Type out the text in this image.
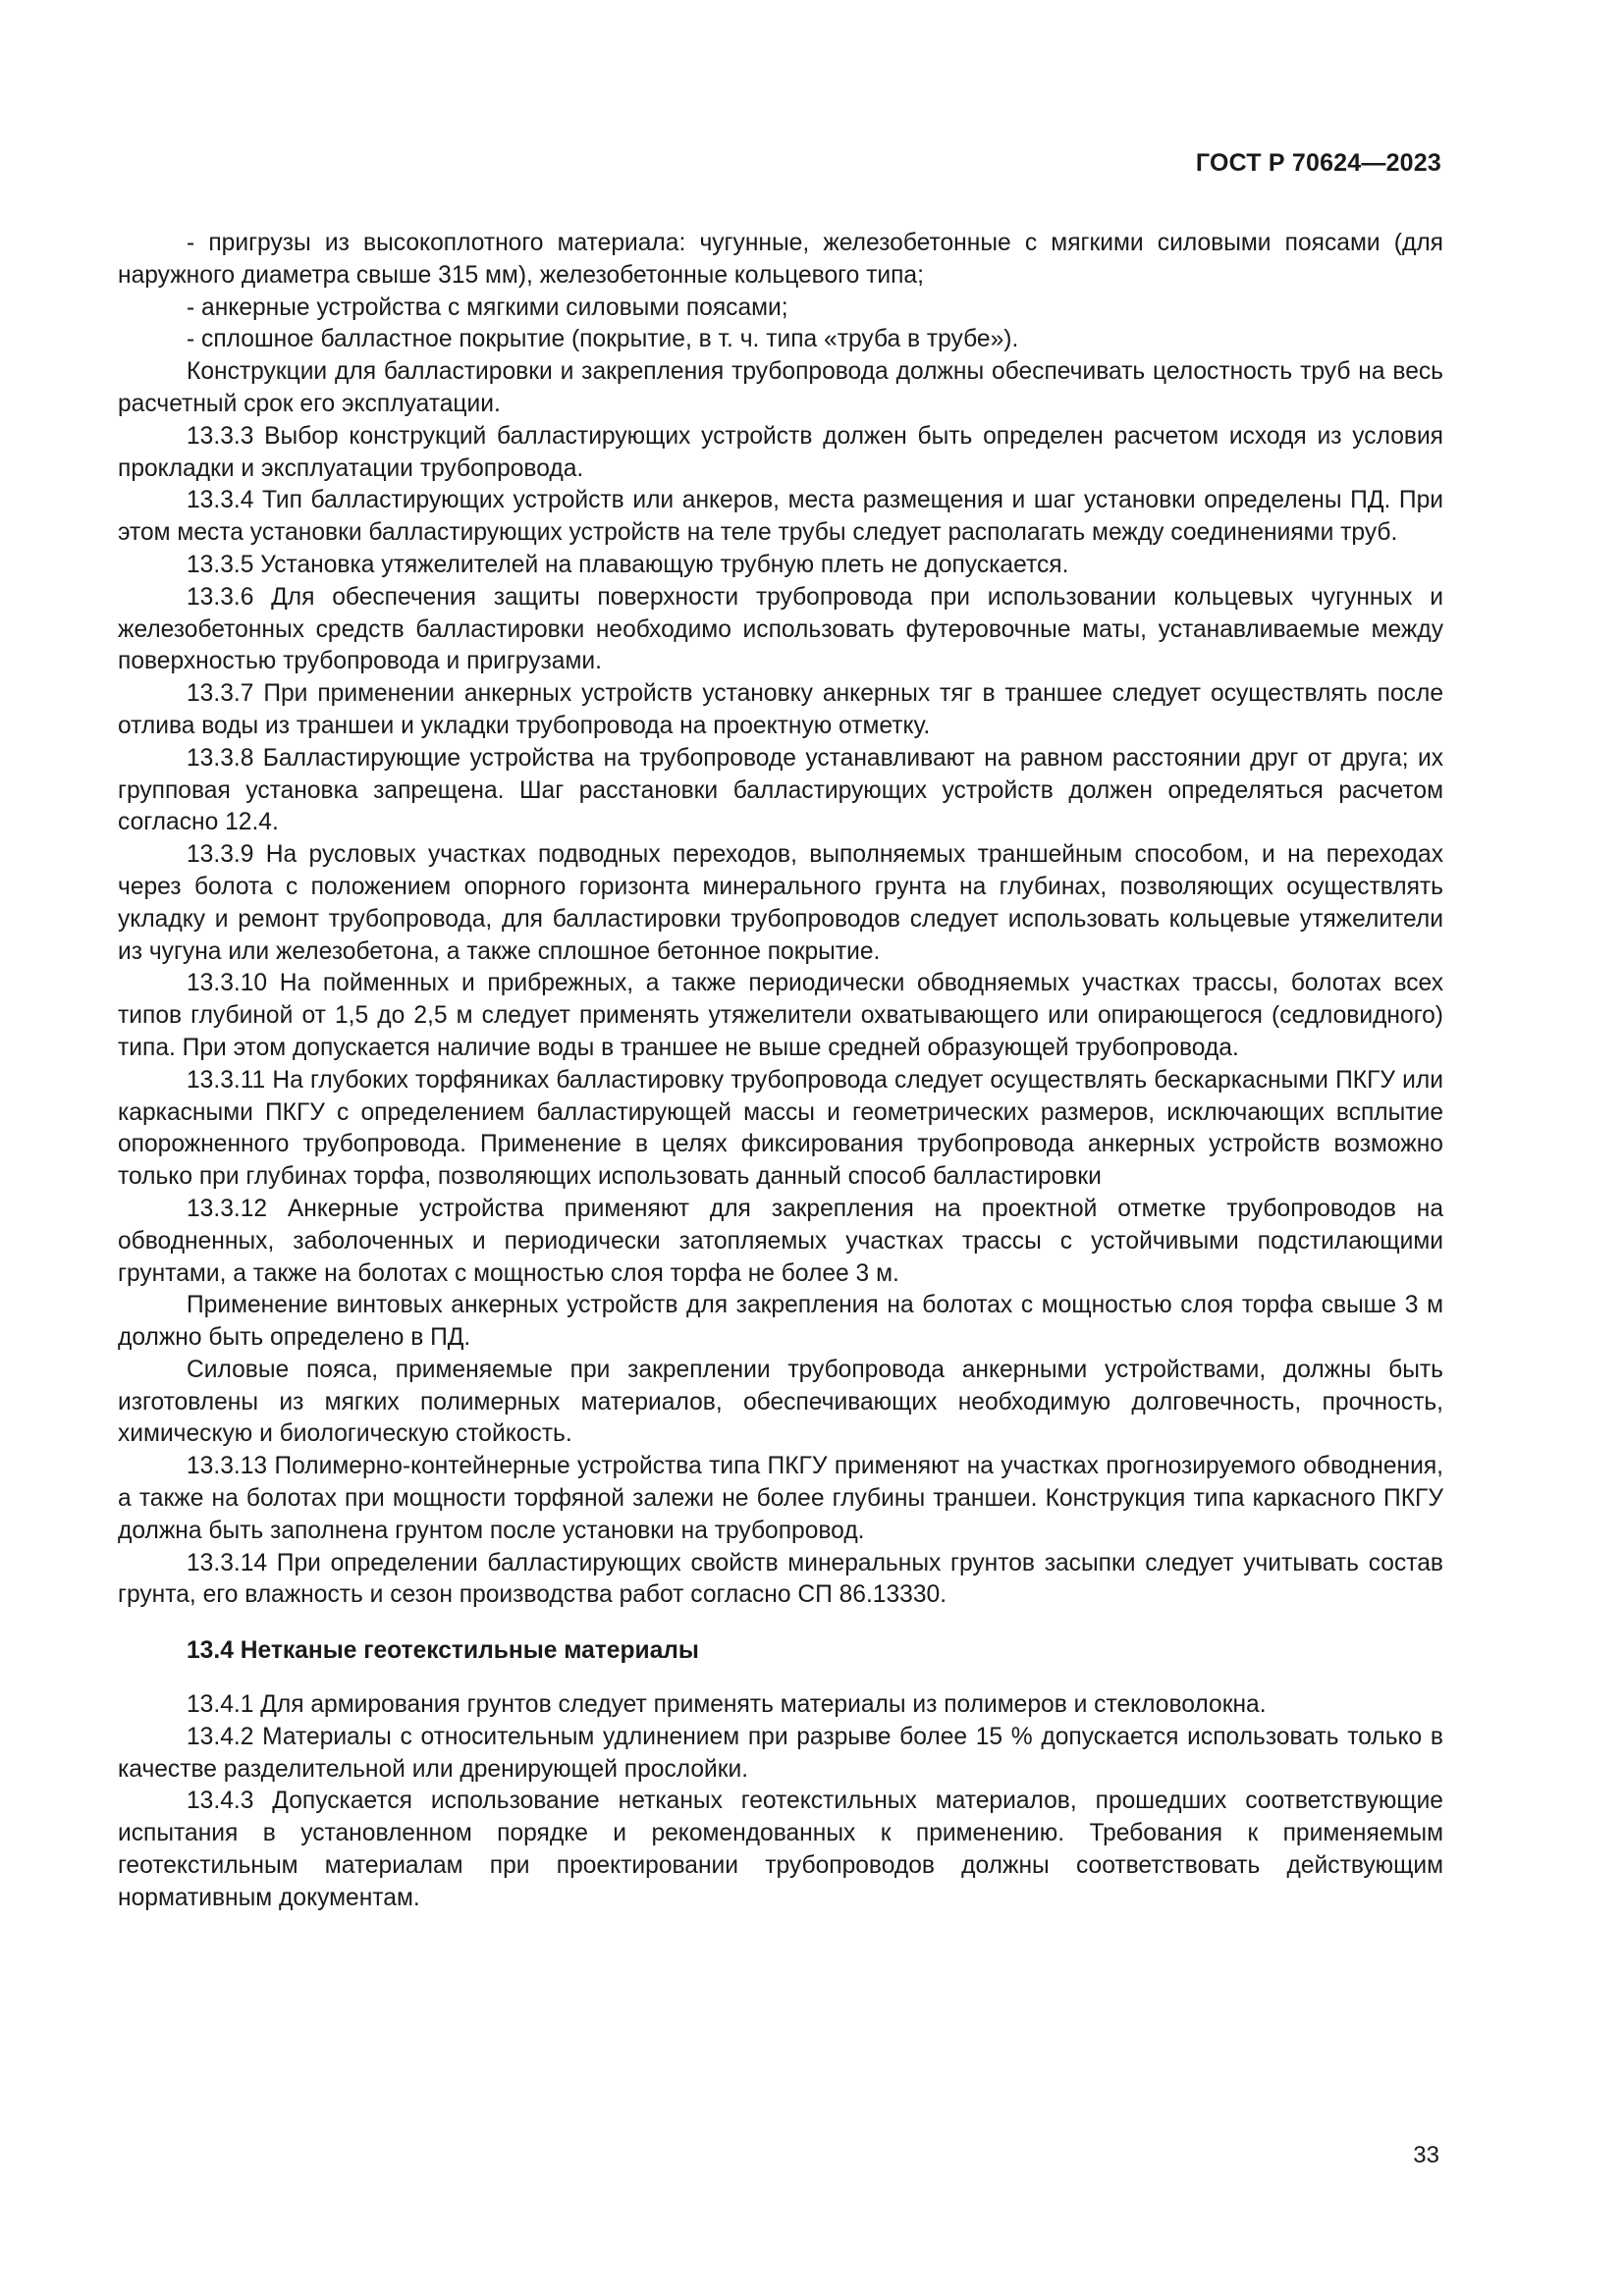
ГОСТ Р 70624—2023

- пригрузы из высокоплотного материала: чугунные, железобетонные с мягкими силовыми поясами (для наружного диаметра свыше 315 мм), железобетонные кольцевого типа;

- анкерные устройства с мягкими силовыми поясами;

- сплошное балластное покрытие (покрытие, в т. ч. типа «труба в трубе»).

Конструкции для балластировки и закрепления трубопровода должны обеспечивать целостность труб на весь расчетный срок его эксплуатации.

13.3.3 Выбор конструкций балластирующих устройств должен быть определен расчетом исходя из условия прокладки и эксплуатации трубопровода.

13.3.4 Тип балластирующих устройств или анкеров, места размещения и шаг установки определены ПД. При этом места установки балластирующих устройств на теле трубы следует располагать между соединениями труб.

13.3.5 Установка утяжелителей на плавающую трубную плеть не допускается.

13.3.6 Для обеспечения защиты поверхности трубопровода при использовании кольцевых чугунных и железобетонных средств балластировки необходимо использовать футеровочные маты, устанавливаемые между поверхностью трубопровода и пригрузами.

13.3.7 При применении анкерных устройств установку анкерных тяг в траншее следует осуществлять после отлива воды из траншеи и укладки трубопровода на проектную отметку.

13.3.8 Балластирующие устройства на трубопроводе устанавливают на равном расстоянии друг от друга; их групповая установка запрещена. Шаг расстановки балластирующих устройств должен определяться расчетом согласно 12.4.

13.3.9 На русловых участках подводных переходов, выполняемых траншейным способом, и на переходах через болота с положением опорного горизонта минерального грунта на глубинах, позволяющих осуществлять укладку и ремонт трубопровода, для балластировки трубопроводов следует использовать кольцевые утяжелители из чугуна или железобетона, а также сплошное бетонное покрытие.

13.3.10 На пойменных и прибрежных, а также периодически обводняемых участках трассы, болотах всех типов глубиной от 1,5 до 2,5 м следует применять утяжелители охватывающего или опирающегося (седловидного) типа. При этом допускается наличие воды в траншее не выше средней образующей трубопровода.

13.3.11 На глубоких торфяниках балластировку трубопровода следует осуществлять бескаркасными ПКГУ или каркасными ПКГУ с определением балластирующей массы и геометрических размеров, исключающих всплытие опорожненного трубопровода. Применение в целях фиксирования трубопровода анкерных устройств возможно только при глубинах торфа, позволяющих использовать данный способ балластировки

13.3.12 Анкерные устройства применяют для закрепления на проектной отметке трубопроводов на обводненных, заболоченных и периодически затопляемых участках трассы с устойчивыми подстилающими грунтами, а также на болотах с мощностью слоя торфа не более 3 м.

Применение винтовых анкерных устройств для закрепления на болотах с мощностью слоя торфа свыше 3 м должно быть определено в ПД.

Силовые пояса, применяемые при закреплении трубопровода анкерными устройствами, должны быть изготовлены из мягких полимерных материалов, обеспечивающих необходимую долговечность, прочность, химическую и биологическую стойкость.

13.3.13 Полимерно-контейнерные устройства типа ПКГУ применяют на участках прогнозируемого обводнения, а также на болотах при мощности торфяной залежи не более глубины траншеи. Конструкция типа каркасного ПКГУ должна быть заполнена грунтом после установки на трубопровод.

13.3.14 При определении балластирующих свойств минеральных грунтов засыпки следует учитывать состав грунта, его влажность и сезон производства работ согласно СП 86.13330.

13.4 Нетканые геотекстильные материалы

13.4.1 Для армирования грунтов следует применять материалы из полимеров и стекловолокна.

13.4.2 Материалы с относительным удлинением при разрыве более 15 % допускается использовать только в качестве разделительной или дренирующей прослойки.

13.4.3 Допускается использование нетканых геотекстильных материалов, прошедших соответствующие испытания в установленном порядке и рекомендованных к применению. Требования к применяемым геотекстильным материалам при проектировании трубопроводов должны соответствовать действующим нормативным документам.

33
